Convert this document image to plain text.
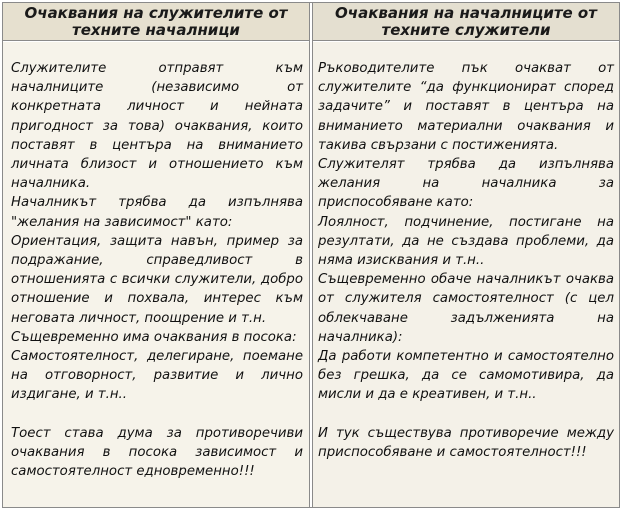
Очаквания на служителите от техните началници

Служителите отправят към началниците (независимо от конкретната личност и нейната пригодност за това) очаквания, които поставят в центъра на вниманието личната близост и отношението към началника.

Началникът трябва да изпълнява "желания на зависимост" като:

Ориентация, защита навън, пример за подражание, справедливост в отношенията с всички служители, добро отношение и похвала, интерес към неговата личност, поощрение и т.н.

Същевременно има очаквания в посока:

Самостоятелност, делегиране, поемане на отговорност, развитие и лично издигане, и т.н..

Тоест става дума за противоречиви очаквания в посока зависимост и самостоятелност едновременно!!!

Очаквания на началниците от техните служители

Ръководителите пък очакват от служителите “да функционират според задачите” и поставят в центъра на вниманието материални очаквания и такива свързани с постиженията.

Служителят трябва да изпълнява желания на началника за приспособяване като:

Лоялност, подчинение, постигане на резултати, да не създава проблеми, да няма изисквания и т.н..

Същевременно обаче началникът очаква от служителя самостоятелност (с цел облекчаване задълженията на началника):

Да работи компетентно и самостоятелно без грешка, да се самомотивира, да мисли и да е креативен, и т.н..

И тук съществува противоречие между приспособяване и самостоятелност!!!
